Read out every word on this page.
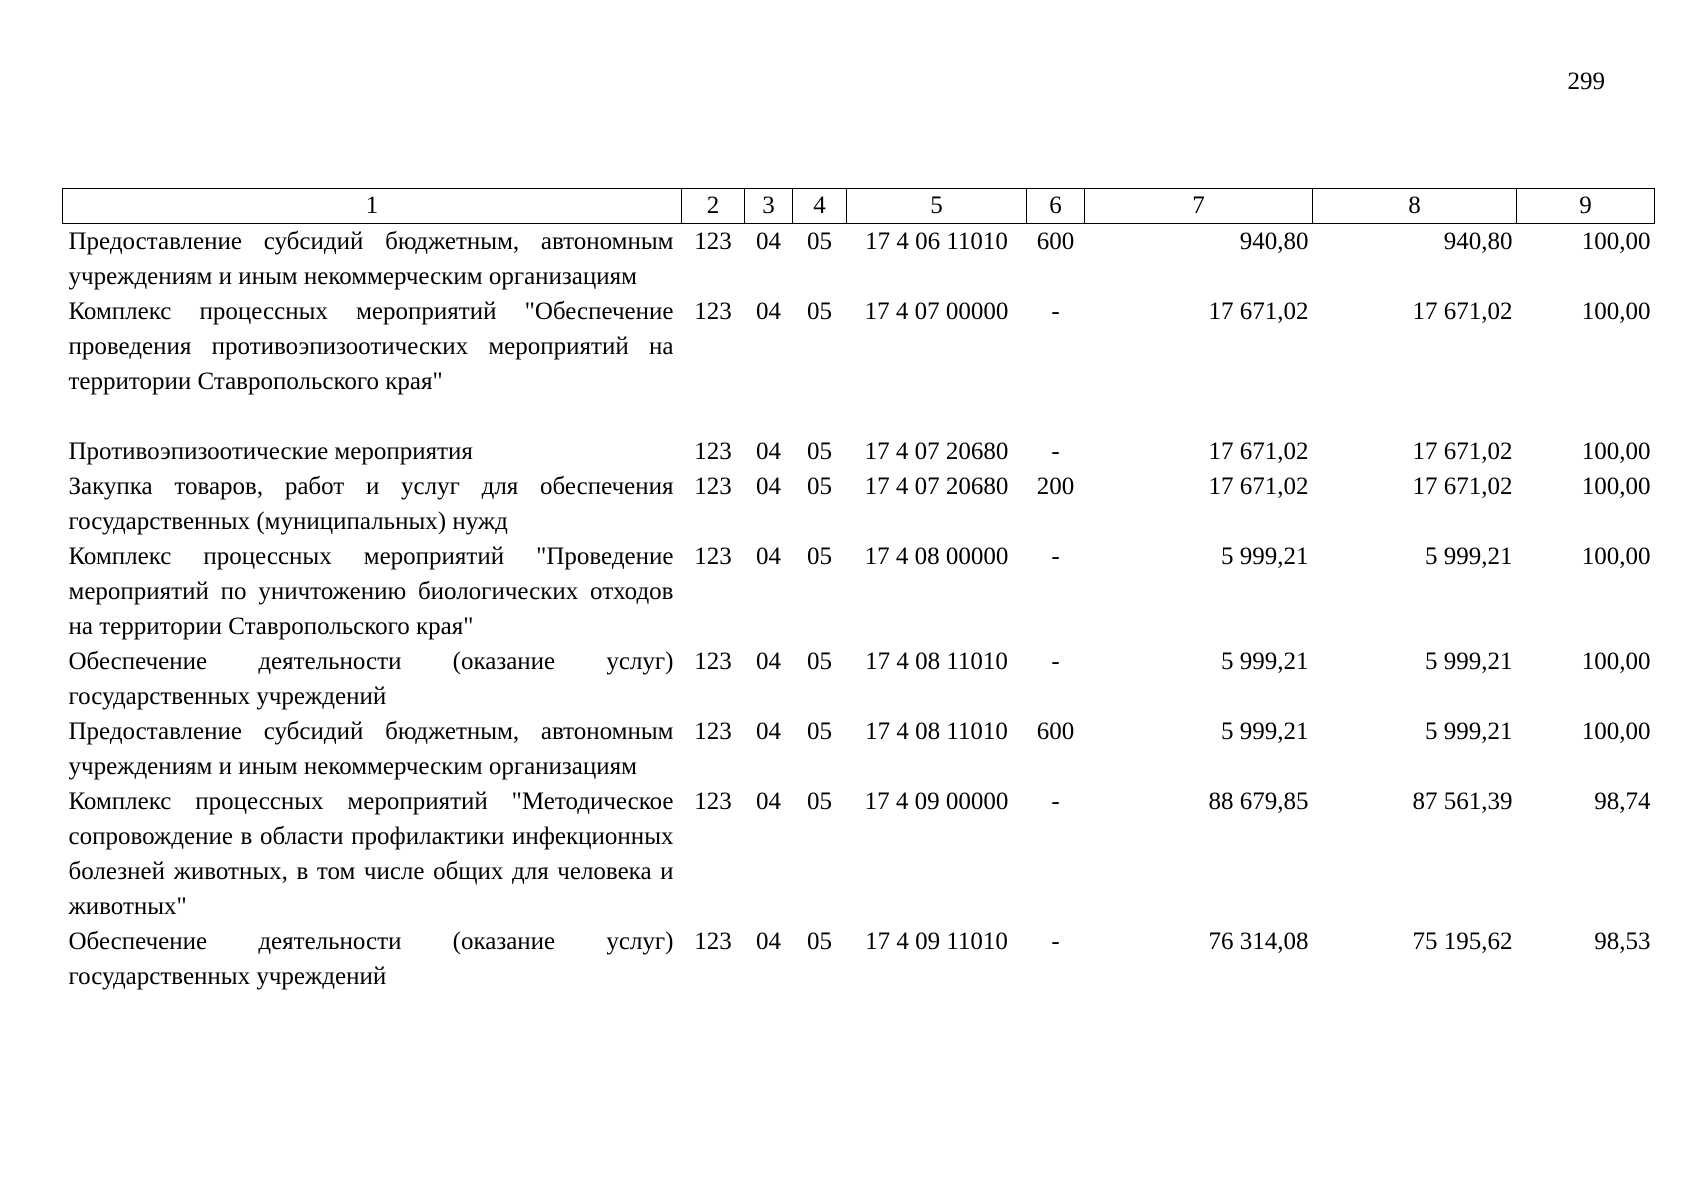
299
1	2	3	4	5	6	7	8	9
Предоставление субсидий бюджетным, автономным учреждениям и иным некоммерческим организациям	123	04	05	17 4 06 11010	600	940,80	940,80	100,00
Комплекс процессных мероприятий "Обеспечение проведения противоэпизоотических мероприятий на территории Ставропольского края"	123	04	05	17 4 07 00000	-	17 671,02	17 671,02	100,00
Противоэпизоотические мероприятия	123	04	05	17 4 07 20680	-	17 671,02	17 671,02	100,00
Закупка товаров, работ и услуг для обеспечения государственных (муниципальных) нужд	123	04	05	17 4 07 20680	200	17 671,02	17 671,02	100,00
Комплекс процессных мероприятий "Проведение мероприятий по уничтожению биологических отходов на территории Ставропольского края"	123	04	05	17 4 08 00000	-	5 999,21	5 999,21	100,00
Обеспечение деятельности (оказание услуг) государственных учреждений	123	04	05	17 4 08 11010	-	5 999,21	5 999,21	100,00
Предоставление субсидий бюджетным, автономным учреждениям и иным некоммерческим организациям	123	04	05	17 4 08 11010	600	5 999,21	5 999,21	100,00
Комплекс процессных мероприятий "Методическое сопровождение в области профилактики инфекционных болезней животных, в том числе общих для человека и животных"	123	04	05	17 4 09 00000	-	88 679,85	87 561,39	98,74
Обеспечение деятельности (оказание услуг) государственных учреждений	123	04	05	17 4 09 11010	-	76 314,08	75 195,62	98,53
